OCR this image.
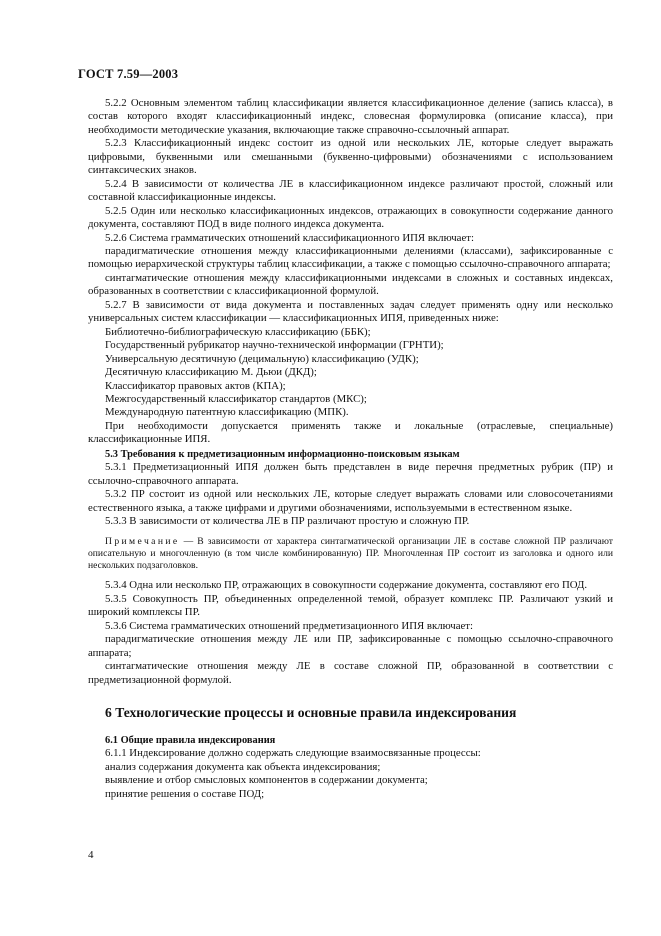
ГОСТ 7.59—2003

5.2.2 Основным элементом таблиц классификации является классификационное деление (запись класса), в состав которого входят классификационный индекс, словесная формулировка (описание класса), при необходимости методические указания, включающие также справочно-ссылочный аппарат.

5.2.3 Классификационный индекс состоит из одной или нескольких ЛЕ, которые следует выражать цифровыми, буквенными или смешанными (буквенно-цифровыми) обозначениями с использованием синтаксических знаков.

5.2.4 В зависимости от количества ЛЕ в классификационном индексе различают простой, сложный или составной классификационные индексы.

5.2.5 Один или несколько классификационных индексов, отражающих в совокупности содержание данного документа, составляют ПОД в виде полного индекса документа.

5.2.6 Система грамматических отношений классификационного ИПЯ включает:

парадигматические отношения между классификационными делениями (классами), зафиксированные с помощью иерархической структуры таблиц классификации, а также с помощью ссылочно-справочного аппарата;

синтагматические отношения между классификационными индексами в сложных и составных индексах, образованных в соответствии с классификационной формулой.

5.2.7 В зависимости от вида документа и поставленных задач следует применять одну или несколько универсальных систем классификации — классификационных ИПЯ, приведенных ниже:

Библиотечно-библиографическую классификацию (ББК);

Государственный рубрикатор научно-технической информации (ГРНТИ);

Универсальную десятичную (децимальную) классификацию (УДК);

Десятичную классификацию М. Дьюи (ДКД);

Классификатор правовых актов (КПА);

Межгосударственный классификатор стандартов (МКС);

Международную патентную классификацию (МПК).

При необходимости допускается применять также и локальные (отраслевые, специальные) классификационные ИПЯ.

5.3 Требования к предметизационным информационно-поисковым языкам

5.3.1 Предметизационный ИПЯ должен быть представлен в виде перечня предметных рубрик (ПР) и ссылочно-справочного аппарата.

5.3.2 ПР состоит из одной или нескольких ЛЕ, которые следует выражать словами или словосочетаниями естественного языка, а также цифрами и другими обозначениями, используемыми в естественном языке.

5.3.3 В зависимости от количества ЛЕ в ПР различают простую и сложную ПР.

Примечание — В зависимости от характера синтагматической организации ЛЕ в составе сложной ПР различают описательную и многочленную (в том числе комбинированную) ПР. Многочленная ПР состоит из заголовка и одного или нескольких подзаголовков.

5.3.4 Одна или несколько ПР, отражающих в совокупности содержание документа, составляют его ПОД.

5.3.5 Совокупность ПР, объединенных определенной темой, образует комплекс ПР. Различают узкий и широкий комплексы ПР.

5.3.6 Система грамматических отношений предметизационного ИПЯ включает:

парадигматические отношения между ЛЕ или ПР, зафиксированные с помощью ссылочно-справочного аппарата;

синтагматические отношения между ЛЕ в составе сложной ПР, образованной в соответствии с предметизационной формулой.

6 Технологические процессы и основные правила индексирования
6.1 Общие правила индексирования

6.1.1 Индексирование должно содержать следующие взаимосвязанные процессы:

анализ содержания документа как объекта индексирования;

выявление и отбор смысловых компонентов в содержании документа;

принятие решения о составе ПОД;

4
